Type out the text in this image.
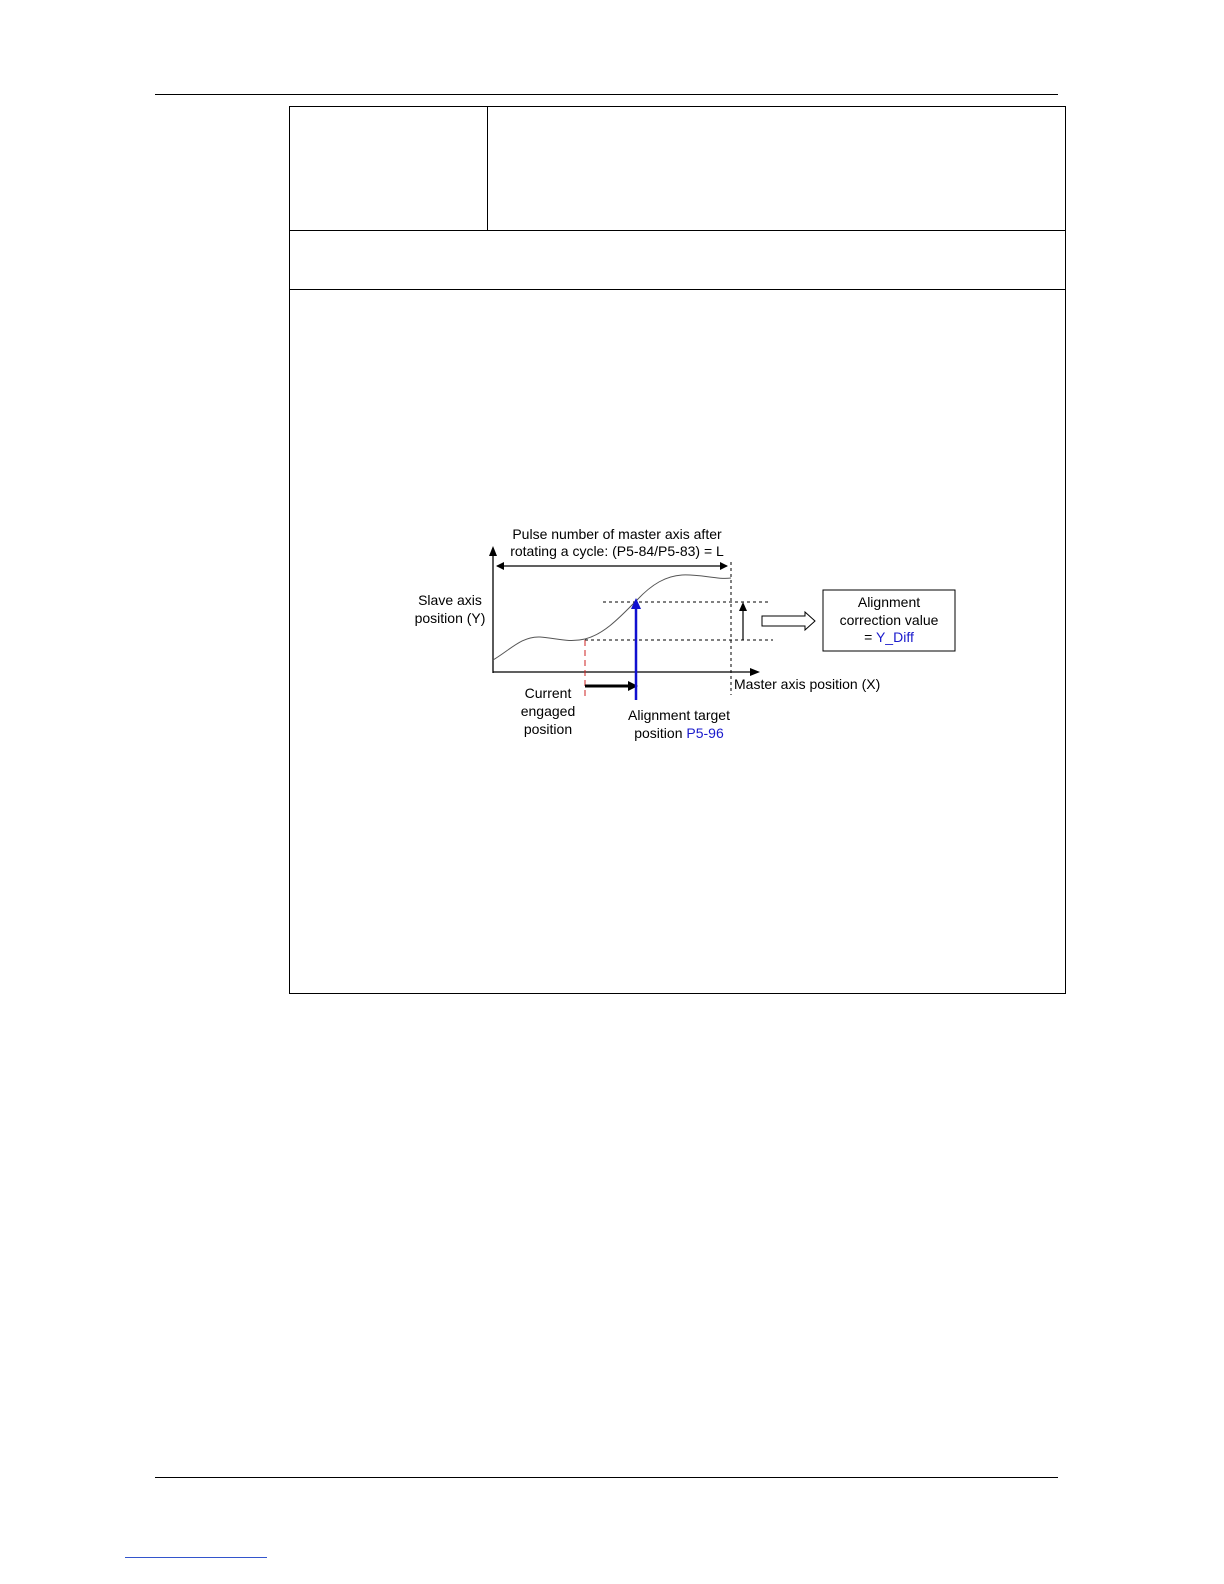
Pulse number of master axis after
rotating a cycle: (P5-84/P5-83) = L
Slave axis
position (Y)
Master axis position (X)
Current
engaged
position
Alignment target
position P5-96
Alignment
correction value
= Y_Diff
